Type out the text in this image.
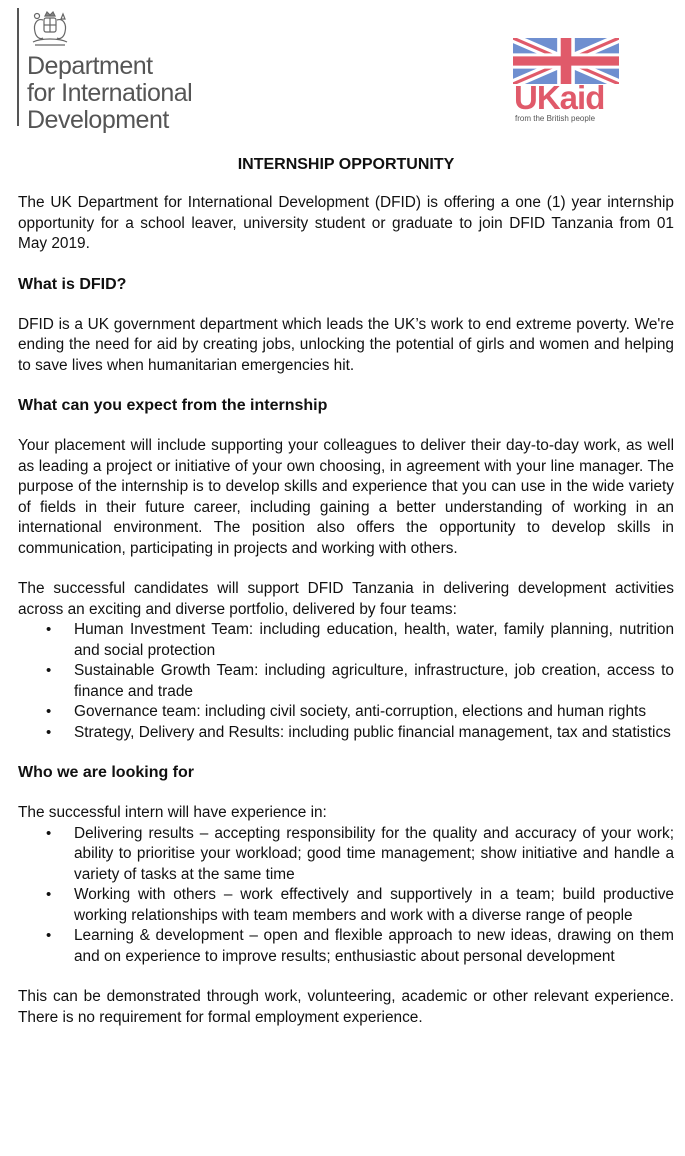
Department
for International
Development
UKaid
from the British people
INTERNSHIP OPPORTUNITY

The UK Department for International Development (DFID) is offering a one (1) year internship opportunity for a school leaver, university student or graduate to join DFID Tanzania from 01 May 2019.

What is DFID?

DFID is a UK government department which leads the UK’s work to end extreme poverty. We're ending the need for aid by creating jobs, unlocking the potential of girls and women and helping to save lives when humanitarian emergencies hit.

What can you expect from the internship

Your placement will include supporting your colleagues to deliver their day-to-day work, as well as leading a project or initiative of your own choosing, in agreement with your line manager. The purpose of the internship is to develop skills and experience that you can use in the wide variety of fields in their future career, including gaining a better understanding of working in an international environment. The position also offers the opportunity to develop skills in communication, participating in projects and working with others.

The successful candidates will support DFID Tanzania in delivering development activities across an exciting and diverse portfolio, delivered by four teams:

• Human Investment Team: including education, health, water, family planning, nutrition and social protection
• Sustainable Growth Team: including agriculture, infrastructure, job creation, access to finance and trade
• Governance team: including civil society, anti-corruption, elections and human rights
• Strategy, Delivery and Results: including public financial management, tax and statistics
Who we are looking for

The successful intern will have experience in:

• Delivering results – accepting responsibility for the quality and accuracy of your work; ability to prioritise your workload; good time management; show initiative and handle a variety of tasks at the same time
• Working with others – work effectively and supportively in a team; build productive working relationships with team members and work with a diverse range of people
• Learning & development – open and flexible approach to new ideas, drawing on them and on experience to improve results; enthusiastic about personal development

This can be demonstrated through work, volunteering, academic or other relevant experience. There is no requirement for formal employment experience.
